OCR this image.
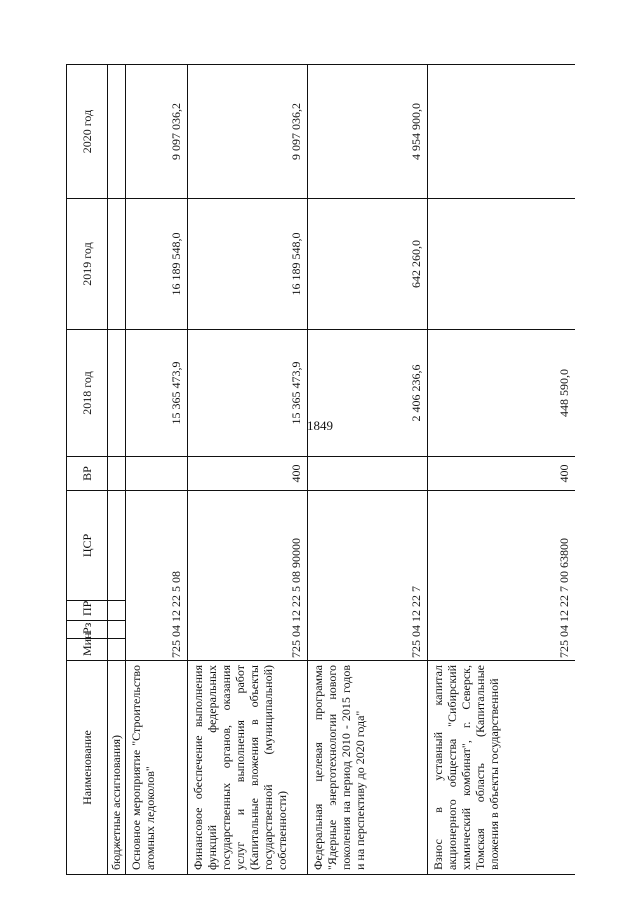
1849
Наименование	Мин	Рз	ПР	ЦСР	ВР	2018 год	2019 год	2020 год
бюджетные ассигнования)								
Основное мероприятие "Строительство атомных ледоколов"	725 04 12 22 5 08					15 365 473,9	16 189 548,0	9 097 036,2
Финансовое обеспечение выполнения функций федеральных государственных органов, оказания услуг и выполнения работ (Капитальные вложения в объекты государственной (муниципальной) собственности)	725 04 12 22 5 08 90000				400	15 365 473,9	16 189 548,0	9 097 036,2
Федеральная целевая программа "Ядерные энерготехнологии нового поколения на период 2010 - 2015 годов и на перспективу до 2020 года"	725 04 12 22 7					2 406 236,6	642 260,0	4 954 900,0
Взнос в уставный капитал акционерного общества "Сибирский химический комбинат", г. Северск, Томская область (Капитальные вложения в объекты государственной	725 04 12 22 7 00 63800				400	448 590,0		
